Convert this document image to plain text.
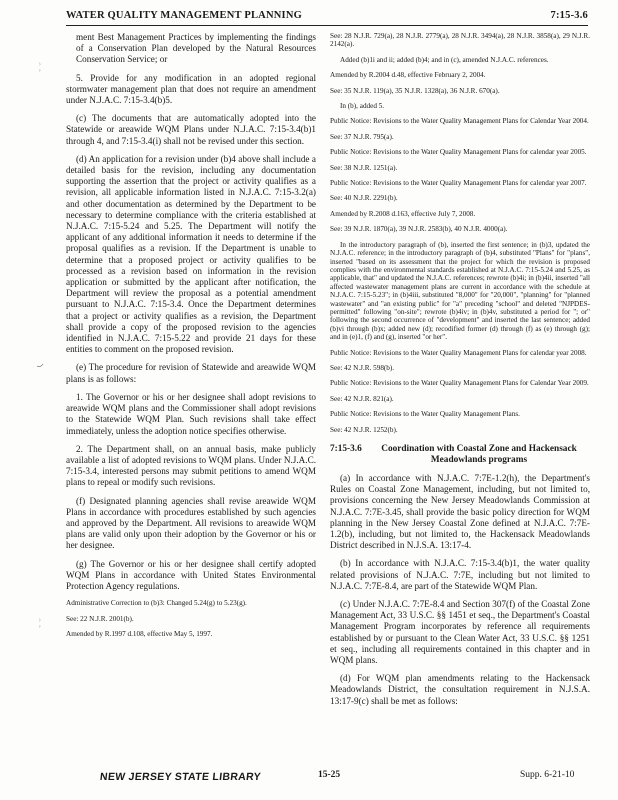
WATER QUALITY MANAGEMENT PLANNING	7:15-3.6

ment Best Management Practices by implementing the findings of a Conservation Plan developed by the Natural Resources Conservation Service; or

5. Provide for any modification in an adopted regional stormwater management plan that does not require an amendment under N.J.A.C. 7:15-3.4(b)5.

(c) The documents that are automatically adopted into the Statewide or areawide WQM Plans under N.J.A.C. 7:15-3.4(b)1 through 4, and 7:15-3.4(i) shall not be revised under this section.

(d) An application for a revision under (b)4 above shall include a detailed basis for the revision, including any documentation supporting the assertion that the project or activity qualifies as a revision, all applicable information listed in N.J.A.C. 7:15-3.2(a) and other documentation as determined by the Department to be necessary to determine compliance with the criteria established at N.J.A.C. 7:15-5.24 and 5.25. The Department will notify the applicant of any additional information it needs to determine if the proposal qualifies as a revision. If the Department is unable to determine that a proposed project or activity qualifies to be processed as a revision based on information in the revision application or submitted by the applicant after notification, the Department will review the proposal as a potential amendment pursuant to N.J.A.C. 7:15-3.4. Once the Department determines that a project or activity qualifies as a revision, the Department shall provide a copy of the proposed revision to the agencies identified in N.J.A.C. 7:15-5.22 and provide 21 days for these entities to comment on the proposed revision.

(e) The procedure for revision of Statewide and areawide WQM plans is as follows:

1. The Governor or his or her designee shall adopt revisions to areawide WQM plans and the Commissioner shall adopt revisions to the Statewide WQM Plan. Such revisions shall take effect immediately, unless the adoption notice specifies otherwise.

2. The Department shall, on an annual basis, make publicly available a list of adopted revisions to WQM plans. Under N.J.A.C. 7:15-3.4, interested persons may submit petitions to amend WQM plans to repeal or modify such revisions.

(f) Designated planning agencies shall revise areawide WQM Plans in accordance with procedures established by such agencies and approved by the Department. All revisions to areawide WQM plans are valid only upon their adoption by the Governor or his or her designee.

(g) The Governor or his or her designee shall certify adopted WQM Plans in accordance with United States Environmental Protection Agency regulations.

Administrative Correction to (b)3: Changed 5.24(g) to 5.23(g).

See: 22 N.J.R. 2001(b).

Amended by R.1997 d.108, effective May 5, 1997.

See: 28 N.J.R. 729(a), 28 N.J.R. 2779(a), 28 N.J.R. 3494(a), 28 N.J.R. 3858(a), 29 N.J.R. 2142(a).

Added (b)1i and ii; added (b)4; and in (c), amended N.J.A.C. references.

Amended by R.2004 d.48, effective February 2, 2004.

See: 35 N.J.R. 119(a), 35 N.J.R. 1328(a), 36 N.J.R. 670(a).

In (b), added 5.

Public Notice: Revisions to the Water Quality Management Plans for Calendar Year 2004.

See: 37 N.J.R. 795(a).

Public Notice: Revisions to the Water Quality Management Plans for calendar year 2005.

See: 38 N.J.R. 1251(a).

Public Notice: Revisions to the Water Quality Management Plans for calendar year 2007.

See: 40 N.J.R. 2291(b).

Amended by R.2008 d.163, effective July 7, 2008.

See: 39 N.J.R. 1870(a), 39 N.J.R. 2583(b), 40 N.J.R. 4000(a).

In the introductory paragraph of (b), inserted the first sentence; in (b)3, updated the N.J.A.C. reference; in the introductory paragraph of (b)4, substituted "Plans" for "plans", inserted "based on its assessment that the project for which the revision is proposed complies with the environmental standards established at N.J.A.C. 7:15-5.24 and 5.25, as applicable, that" and updated the N.J.A.C. references; rewrote (b)4i; in (b)4ii, inserted "all affected wastewater management plans are current in accordance with the schedule at N.J.A.C. 7:15-5.23"; in (b)4iii, substituted "8,000" for "20,000", "planning" for "planned wastewater" and "an existing public" for "a" preceding "school" and deleted "NJPDES-permitted" following "on-site"; rewrote (b)4iv; in (b)4v, substituted a period for "; or" following the second occurrence of "development" and inserted the last sentence; added (b)vi through (b)x; added new (d); recodified former (d) through (f) as (e) through (g); and in (e)1, (f) and (g), inserted "or her".

Public Notice: Revisions to the Water Quality Management Plans for calendar year 2008.

See: 42 N.J.R. 598(b).

Public Notice: Revisions to the Water Quality Management Plans for Calendar Year 2009.

See: 42 N.J.R. 821(a).

Public Notice: Revisions to the Water Quality Management Plans.

See: 42 N.J.R. 1252(b).

7:15-3.6	Coordination with Coastal Zone and Hackensack Meadowlands programs

(a) In accordance with N.J.A.C. 7:7E-1.2(h), the Department's Rules on Coastal Zone Management, including, but not limited to, provisions concerning the New Jersey Meadowlands Commission at N.J.A.C. 7:7E-3.45, shall provide the basic policy direction for WQM planning in the New Jersey Coastal Zone defined at N.J.A.C. 7:7E-1.2(b), including, but not limited to, the Hackensack Meadowlands District described in N.J.S.A. 13:17-4.

(b) In accordance with N.J.A.C. 7:15-3.4(b)1, the water quality related provisions of N.J.A.C. 7:7E, including but not limited to N.J.A.C. 7:7E-8.4, are part of the Statewide WQM Plan.

(c) Under N.J.A.C. 7:7E-8.4 and Section 307(f) of the Coastal Zone Management Act, 33 U.S.C. §§ 1451 et seq., the Department's Coastal Management Program incorporates by reference all requirements established by or pursuant to the Clean Water Act, 33 U.S.C. §§ 1251 et seq., including all requirements contained in this chapter and in WQM plans.

(d) For WQM plan amendments relating to the Hackensack Meadowlands District, the consultation requirement in N.J.S.A. 13:17-9(c) shall be met as follows:

NEW JERSEY STATE LIBRARY	15-25	Supp. 6-21-10
